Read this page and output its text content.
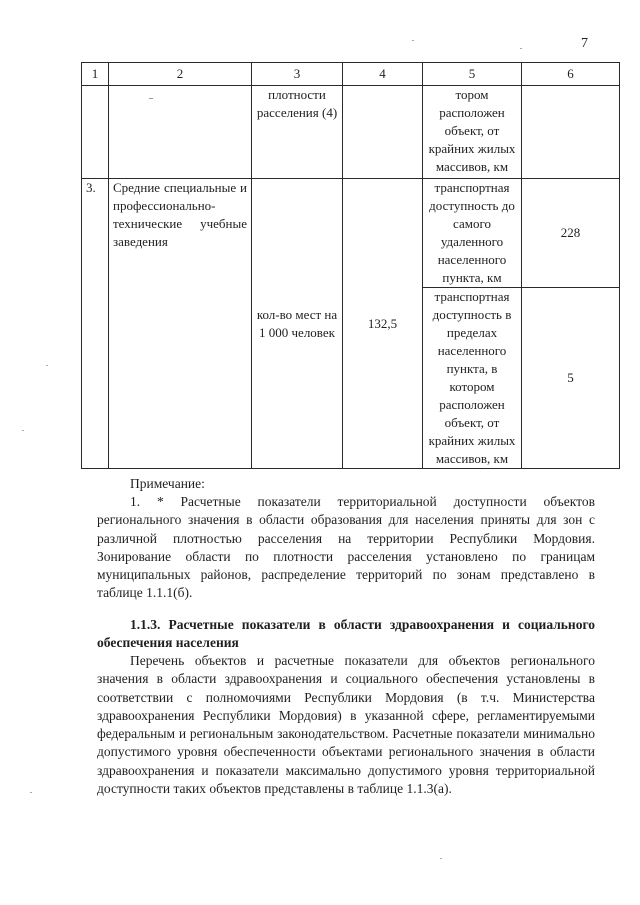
7
1	2	3	4	5	6
		плотности расселения (4)		тором расположен объект, от крайних жилых массивов, км	
3.	Средние специальные и профессионально-технические учебные заведения	кол-во мест на 1 000 человек	132,5	транспортная доступность до самого удаленного населенного пункта, км	228
				транспортная доступность в пределах населенного пункта, в котором расположен объект, от крайних жилых массивов, км	5
Примечание:
1. * Расчетные показатели территориальной доступности объектов регионального значения в области образования для населения приняты для зон с различной плотностью расселения на территории Республики Мордовия. Зонирование области по плотности расселения установлено по границам муниципальных районов, распределение территорий по зонам представлено в таблице 1.1.1(б).
1.1.3. Расчетные показатели в области здравоохранения и социального обеспечения населения
Перечень объектов и расчетные показатели для объектов регионального значения в области здравоохранения и социального обеспечения установлены в соответствии с полномочиями Республики Мордовия (в т.ч. Министерства здравоохранения Республики Мордовия) в указанной сфере, регламентируемыми федеральным и региональным законодательством. Расчетные показатели минимально допустимого уровня обеспеченности объектами регионального значения в области здравоохранения и показатели максимально допустимого уровня территориальной доступности таких объектов представлены в таблице 1.1.3(а).
